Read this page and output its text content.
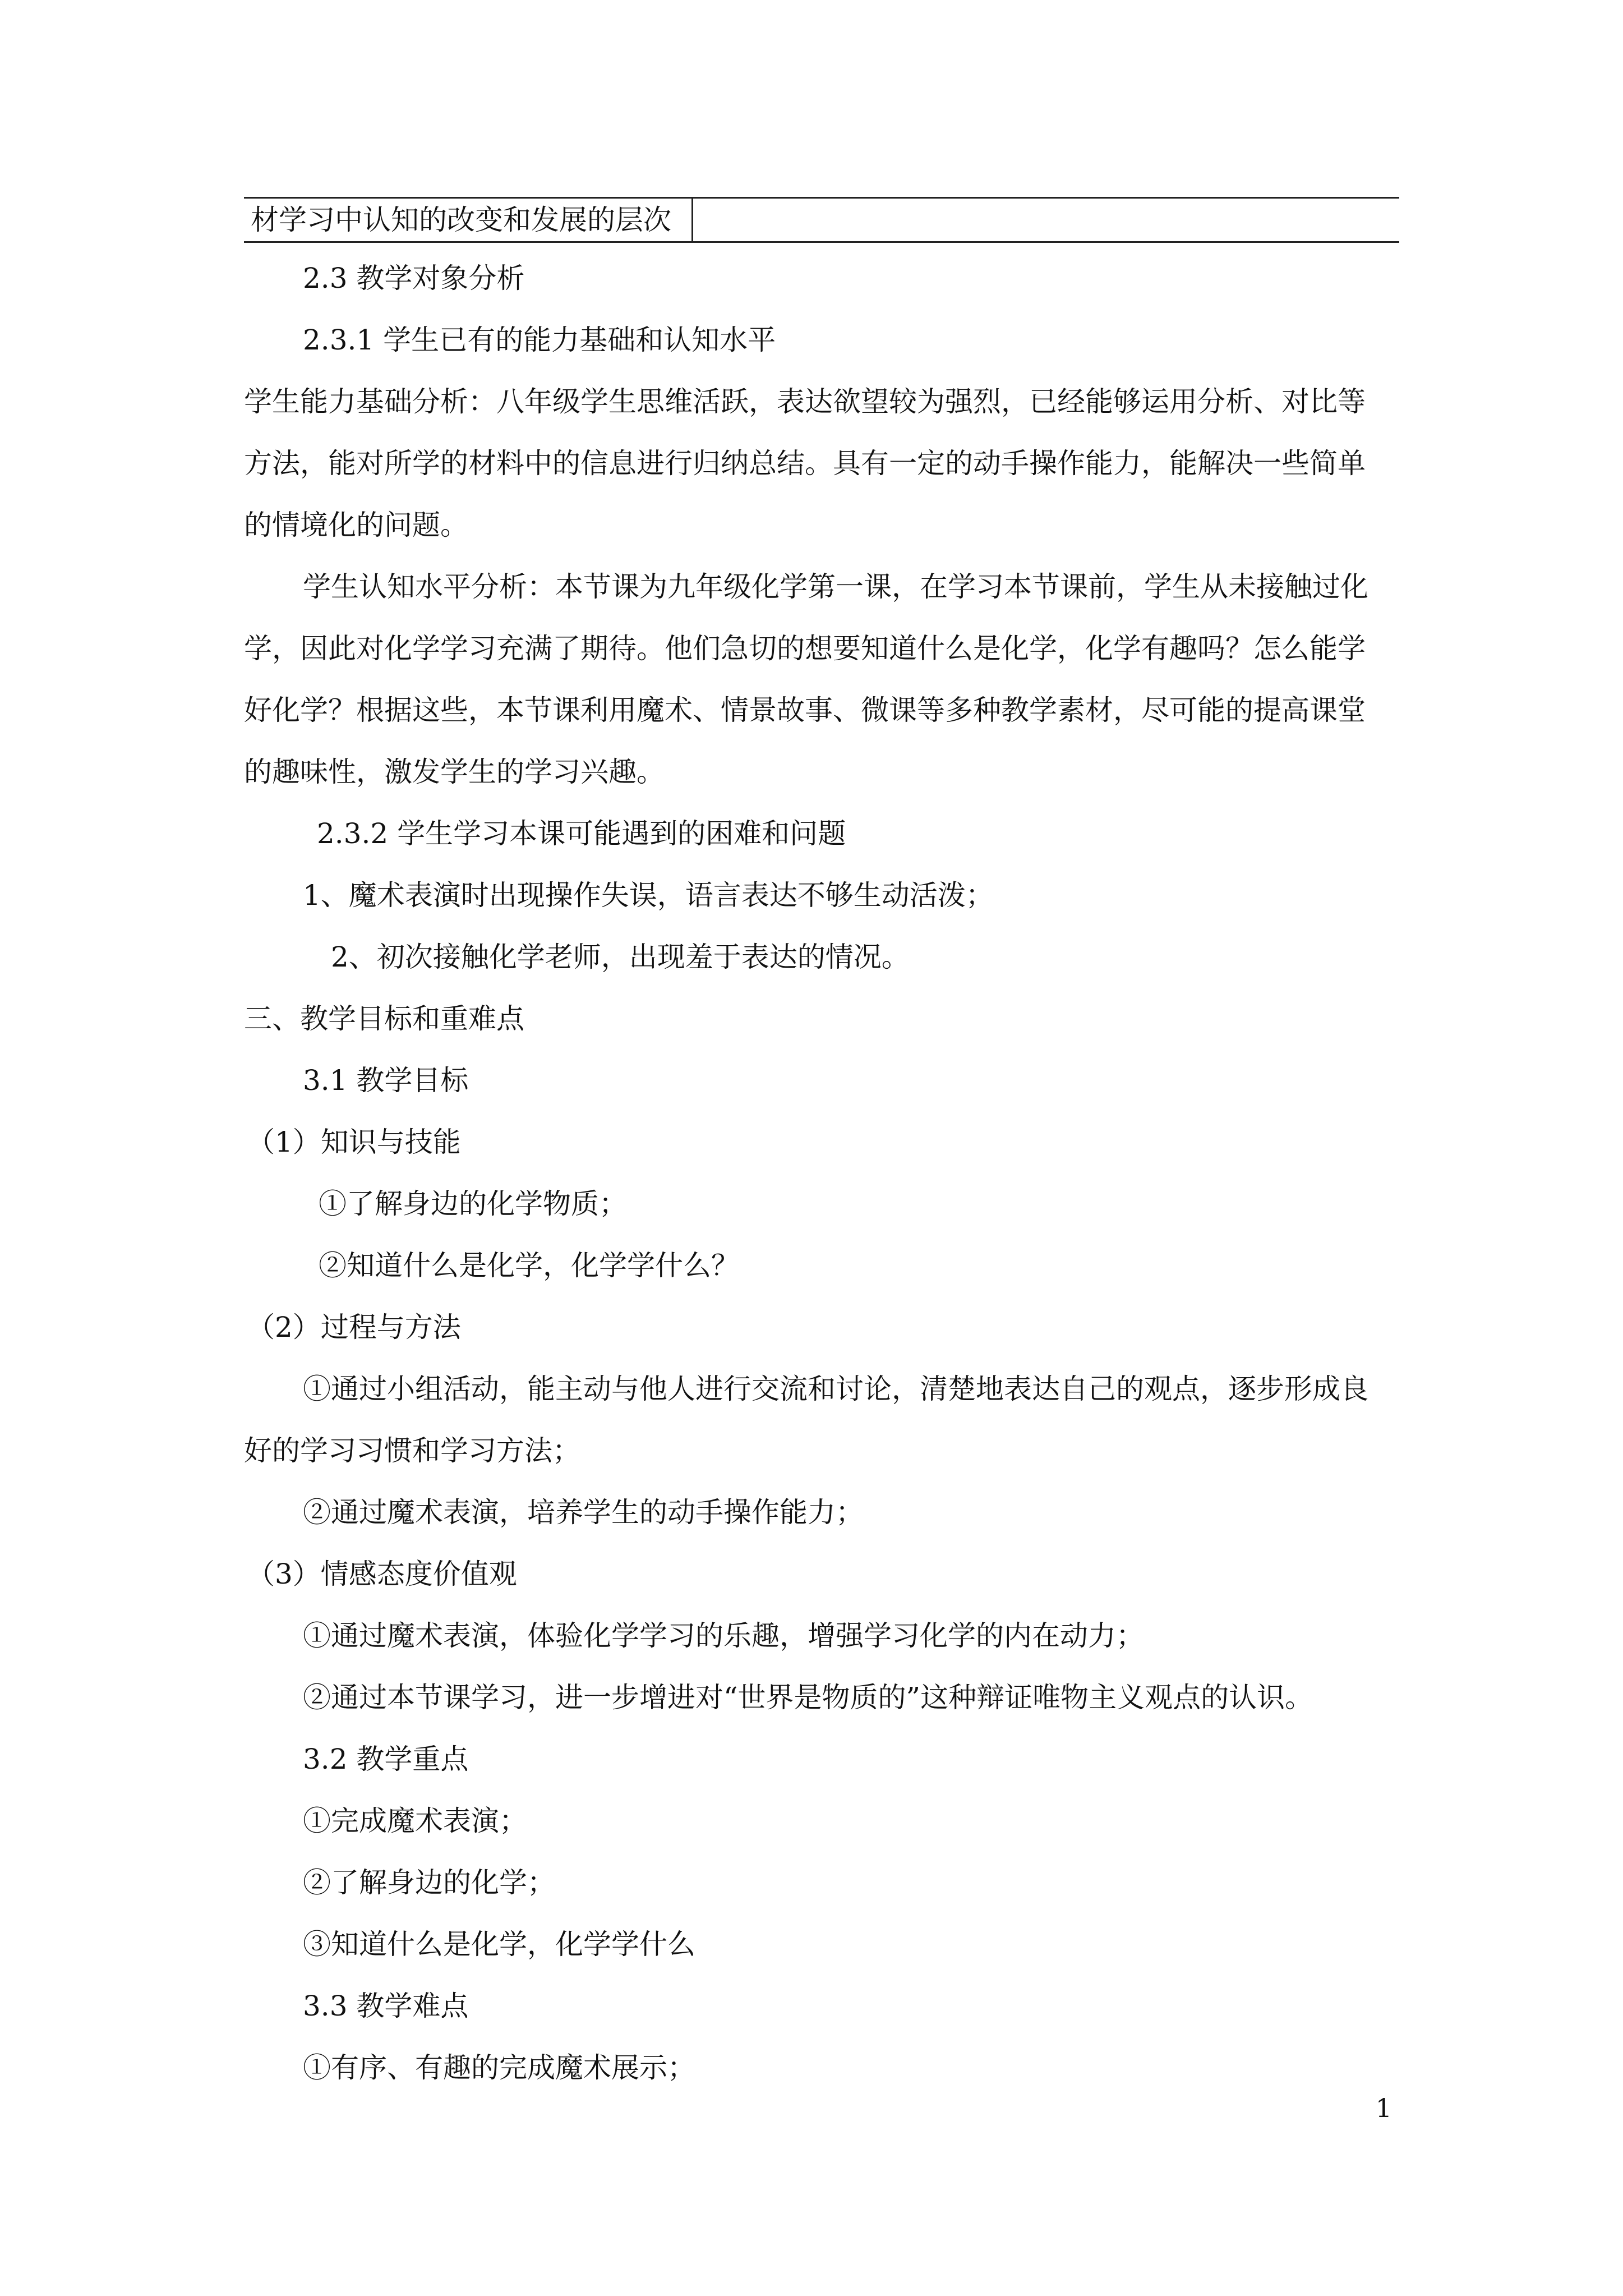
材学习中认知的改变和发展的层次
2.3 教学对象分析
2.3.1 学生已有的能力基础和认知水平
学生能力基础分析：八年级学生思维活跃，表达欲望较为强烈，已经能够运用分析、对比等
方法，能对所学的材料中的信息进行归纳总结。具有一定的动手操作能力，能解决一些简单
的情境化的问题。
学生认知水平分析：本节课为九年级化学第一课，在学习本节课前，学生从未接触过化
学，因此对化学学习充满了期待。他们急切的想要知道什么是化学，化学有趣吗？怎么能学
好化学？根据这些，本节课利用魔术、情景故事、微课等多种教学素材，尽可能的提高课堂
的趣味性，激发学生的学习兴趣。
2.3.2 学生学习本课可能遇到的困难和问题
1、魔术表演时出现操作失误，语言表达不够生动活泼；
2、初次接触化学老师，出现羞于表达的情况。
三、教学目标和重难点
3.1 教学目标
（1）知识与技能
①了解身边的化学物质；
②知道什么是化学，化学学什么？
（2）过程与方法
①通过小组活动，能主动与他人进行交流和讨论，清楚地表达自己的观点，逐步形成良
好的学习习惯和学习方法；
②通过魔术表演，培养学生的动手操作能力；
（3）情感态度价值观
①通过魔术表演，体验化学学习的乐趣，增强学习化学的内在动力；
②通过本节课学习，进一步增进对“世界是物质的”这种辩证唯物主义观点的认识。
3.2 教学重点
①完成魔术表演；
②了解身边的化学；
③知道什么是化学，化学学什么
3.3 教学难点
①有序、有趣的完成魔术展示；
1
